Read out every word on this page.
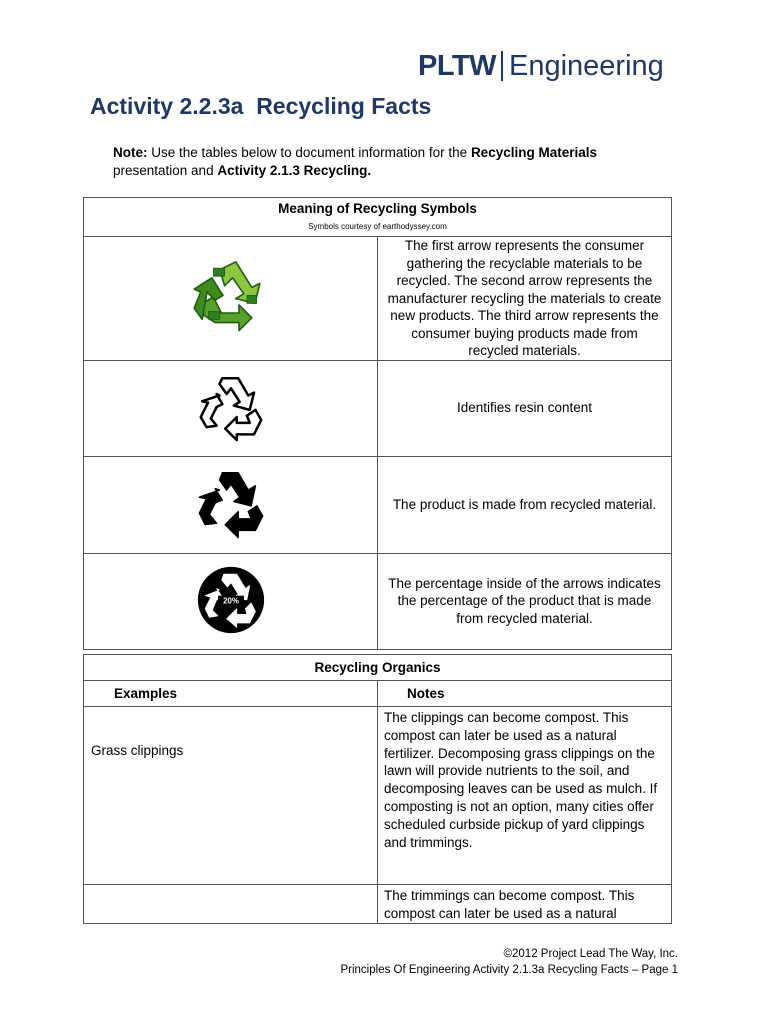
PLTW Engineering
Activity 2.2.3a  Recycling Facts
Note: Use the tables below to document information for the Recycling Materials presentation and Activity 2.1.3 Recycling.
Meaning of Recycling Symbols
Symbols courtesy of earthodyssey.com	

	The first arrow represents the consumer gathering the recyclable materials to be recycled. The second arrow represents the manufacturer recycling the materials to create new products. The third arrow represents the consumer buying products made from recycled materials.
	Identifies resin content
	The product is made from recycled material.

20%	The percentage inside of the arrows indicates the percentage of the product that is made from recycled material.
Recycling Organics	
Examples	Notes
Grass clippings	The clippings can become compost. This compost can later be used as a natural fertilizer. Decomposing grass clippings on the lawn will provide nutrients to the soil, and decomposing leaves can be used as mulch. If composting is not an option, many cities offer scheduled curbside pickup of yard clippings and trimmings.
	The trimmings can become compost. This compost can later be used as a natural
©2012 Project Lead The Way, Inc.
Principles Of Engineering Activity 2.1.3a Recycling Facts – Page 1
